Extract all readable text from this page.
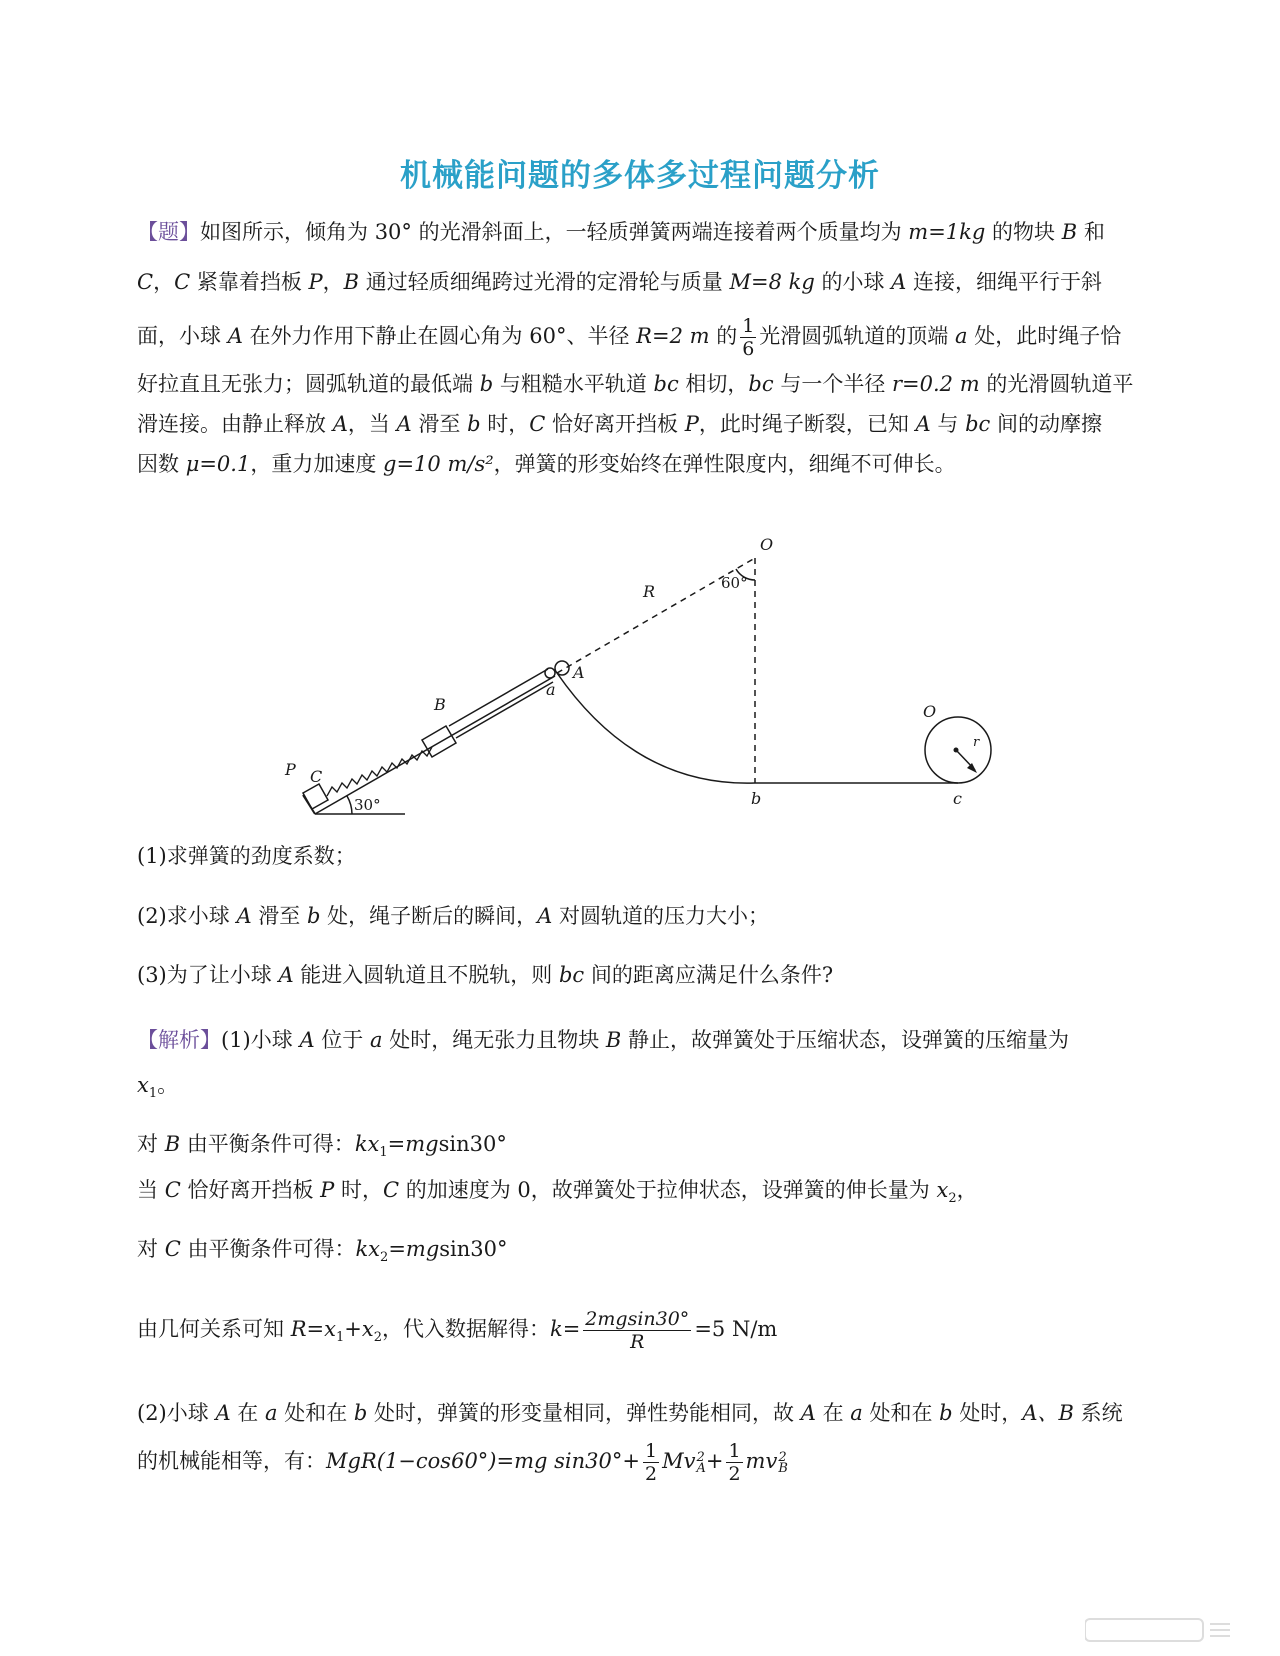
机械能问题的多体多过程问题分析
【题】如图所示，倾角为 30° 的光滑斜面上，一轻质弹簧两端连接着两个质量均为 m=1kg 的物块 B 和
C，C 紧靠着挡板 P，B 通过轻质细绳跨过光滑的定滑轮与质量 M=8 kg 的小球 A 连接，细绳平行于斜
面，小球 A 在外力作用下静止在圆心角为 60°、半径 R=2 m 的 $\frac{1}{6}$ 光滑圆弧轨道的顶端 a 处，此时绳子恰
好拉直且无张力；圆弧轨道的最低端 b 与粗糙水平轨道 bc 相切，bc 与一个半径 r=0.2 m 的光滑圆轨道平
滑连接。由静止释放 A，当 A 滑至 b 时，C 恰好离开挡板 P，此时绳子断裂，已知 A 与 bc 间的动摩擦
因数 μ=0.1，重力加速度 g=10 m/s²，弹簧的形变始终在弹性限度内，细绳不可伸长。
O
R
A
a
B
P C
b
O
r
c
60°
30°
(1)求弹簧的劲度系数；
(2)求小球 A 滑至 b 处，绳子断后的瞬间，A 对圆轨道的压力大小；
(3)为了让小球 A 能进入圆轨道且不脱轨，则 bc 间的距离应满足什么条件?
【解析】(1)小球 A 位于 a 处时，绳无张力且物块 B 静止，故弹簧处于压缩状态，设弹簧的压缩量为
$x_1$。
对 B 由平衡条件可得：$kx_1=mgsin30^\circ$
当 C 恰好离开挡板 P 时，C 的加速度为 0，故弹簧处于拉伸状态，设弹簧的伸长量为 $x_2$，
对 C 由平衡条件可得：$kx_2=mgsin30^\circ$
由几何关系可知 $R=x_1+x_2$，代入数据解得：$k= \frac{2mgsin30^\circ}{R} =5$ N/m
(2)小球 A 在 a 处和在 b 处时，弹簧的形变量相同，弹性势能相同，故 A 在 a 处和在 b 处时，A、B 系统
的机械能相等，有：MgR(1−cos60°)=mg $\sin 30^\circ+ \frac{1}{2}$ Mv 2
$A + \frac{1}{2}$ mv 2
B
